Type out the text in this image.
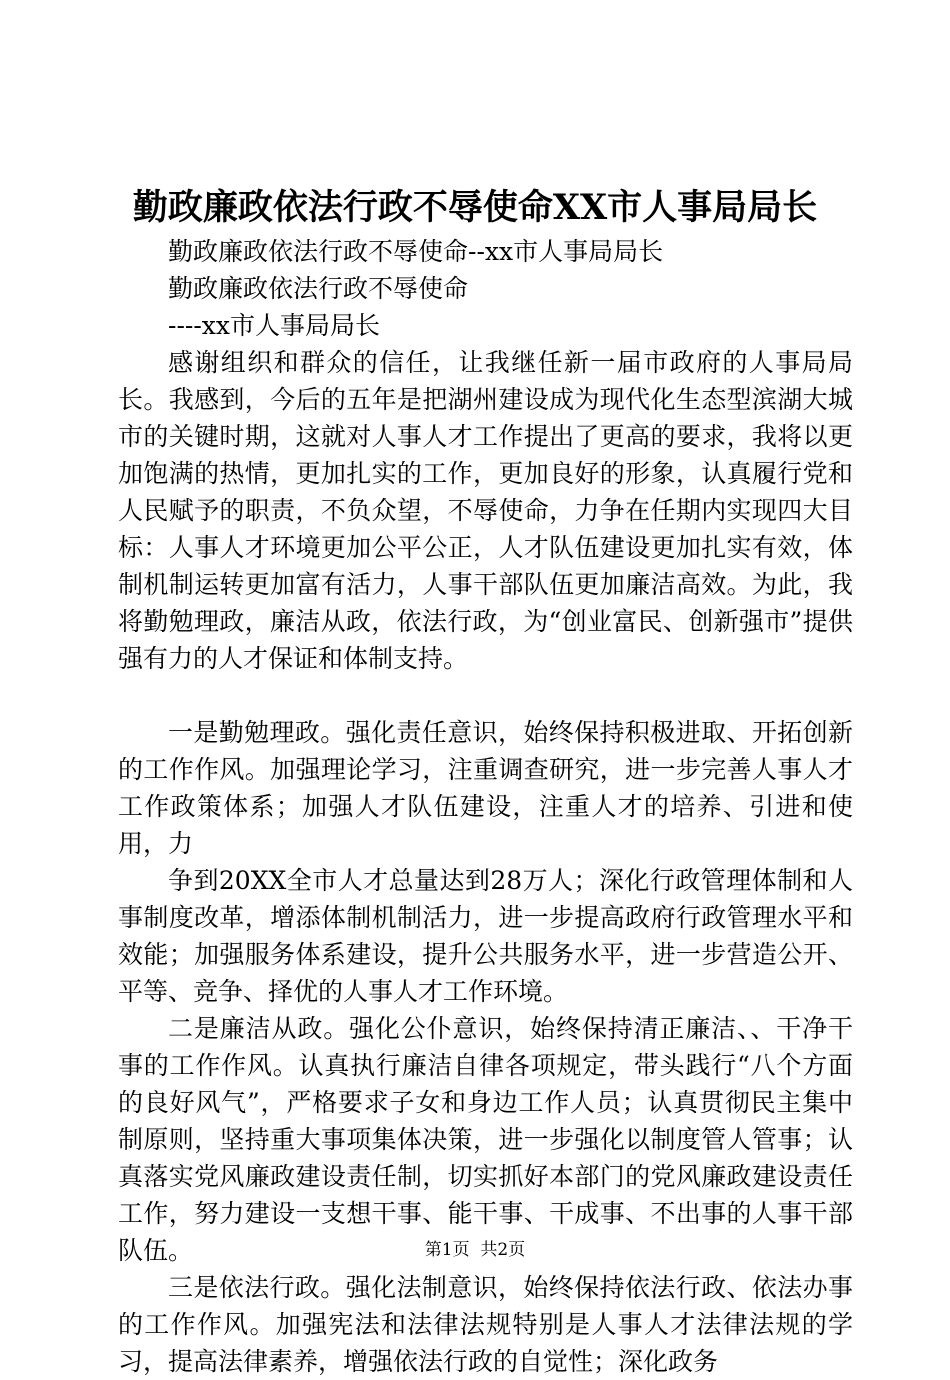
勤政廉政依法行政不辱使命XX市人事局局长

勤政廉政依法行政不辱使命--xx市人事局局长

勤政廉政依法行政不辱使命

----xx市人事局局长

感谢组织和群众的信任，让我继任新一届市政府的人事局局长。我感到，今后的五年是把湖州建设成为现代化生态型滨湖大城市的关键时期，这就对人事人才工作提出了更高的要求，我将以更加饱满的热情，更加扎实的工作，更加良好的形象，认真履行党和人民赋予的职责，不负众望，不辱使命，力争在任期内实现四大目标：人事人才环境更加公平公正，人才队伍建设更加扎实有效，体制机制运转更加富有活力，人事干部队伍更加廉洁高效。为此，我将勤勉理政，廉洁从政，依法行政，为“创业富民、创新强市”提供强有力的人才保证和体制支持。

一是勤勉理政。强化责任意识，始终保持积极进取、开拓创新的工作作风。加强理论学习，注重调查研究，进一步完善人事人才工作政策体系；加强人才队伍建设，注重人才的培养、引进和使用，力

争到20XX全市人才总量达到28万人；深化行政管理体制和人事制度改革，增添体制机制活力，进一步提高政府行政管理水平和效能；加强服务体系建设，提升公共服务水平，进一步营造公开、平等、竞争、择优的人事人才工作环境。

二是廉洁从政。强化公仆意识，始终保持清正廉洁、、干净干事的工作作风。认真执行廉洁自律各项规定，带头践行“八个方面的良好风气”，严格要求子女和身边工作人员；认真贯彻民主集中制原则，坚持重大事项集体决策，进一步强化以制度管人管事；认真落实党风廉政建设责任制，切实抓好本部门的党风廉政建设责任工作，努力建设一支想干事、能干事、干成事、不出事的人事干部队伍。

三是依法行政。强化法制意识，始终保持依法行政、依法办事的工作作风。加强宪法和法律法规特别是人事人才法律法规的学习，提高法律素养，增强依法行政的自觉性；深化政务

第1页 共2页
